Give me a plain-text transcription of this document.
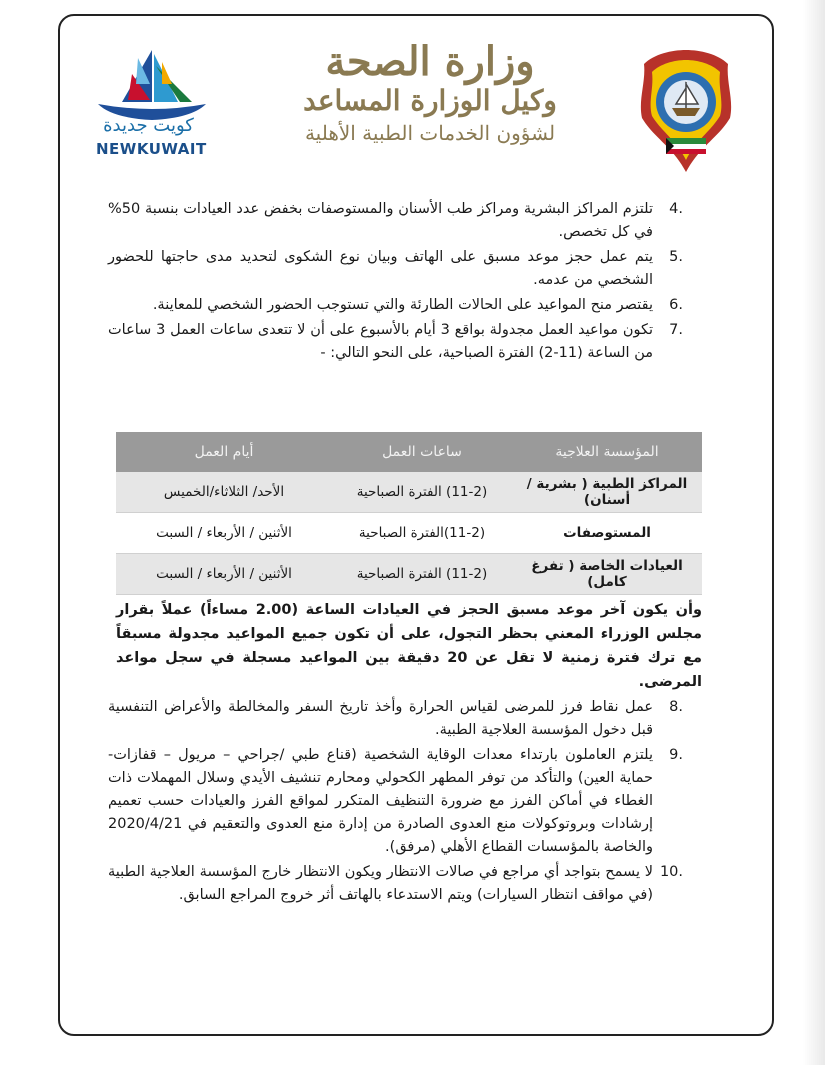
وزارة الصحة
وكيل الوزارة المساعد
لشؤون الخدمات الطبية الأهلية
كويت جديدة
NEWKUWAIT
4.
تلتزم المراكز البشرية ومراكز طب الأسنان والمستوصفات بخفض عدد العيادات بنسبة 50% في كل تخصص.
5.
يتم عمل حجز موعد مسبق على الهاتف وبيان نوع الشكوى لتحديد مدى حاجتها للحضور الشخصي من عدمه.
6.
يقتصر منح المواعيد على الحالات الطارئة والتي تستوجب الحضور الشخصي للمعاينة.
7.
تكون مواعيد العمل مجدولة بواقع 3 أيام بالأسبوع على أن لا تتعدى ساعات العمل 3 ساعات من الساعة (11-2) الفترة الصباحية، على النحو التالي: -
المؤسسة العلاجية	ساعات العمل	أيام العمل
المراكز الطبية ( بشرية / أسنان)	(11-2) الفترة الصباحية	الأحد/ الثلاثاء/الخميس
المستوصفات	(11-2)الفترة الصباحية	الأثنين / الأربعاء / السبت
العيادات الخاصة ( تفرغ كامل)	(11-2) الفترة الصباحية	الأثنين / الأربعاء / السبت
وأن يكون آخر موعد مسبق الحجز في العيادات الساعة (2.00 مساءاً) عملاً بقرار مجلس الوزراء المعني بحظر التجول، على أن تكون جميع المواعيد مجدولة مسبقاً مع ترك فترة زمنية لا تقل عن 20 دقيقة بين المواعيد مسجلة في سجل مواعد المرضى.
8.
عمل نقاط فرز للمرضى لقياس الحرارة وأخذ تاريخ السفر والمخالطة والأعراض التنفسية قبل دخول المؤسسة العلاجية الطبية.
9.
يلتزم العاملون بارتداء معدات الوقاية الشخصية (قناع طبي /جراحي – مريول – قفازات- حماية العين) والتأكد من توفر المطهر الكحولي ومحارم تنشيف الأيدي وسلال المهملات ذات الغطاء في أماكن الفرز مع ضرورة التنظيف المتكرر لمواقع الفرز والعيادات حسب تعميم إرشادات وبروتوكولات منع العدوى الصادرة من إدارة منع العدوى والتعقيم في 2020/4/21 والخاصة بالمؤسسات القطاع الأهلي (مرفق).
10.
لا يسمح بتواجد أي مراجع في صالات الانتظار ويكون الانتظار خارج المؤسسة العلاجية الطبية (في مواقف انتظار السيارات) ويتم الاستدعاء بالهاتف أثر خروج المراجع السابق.
